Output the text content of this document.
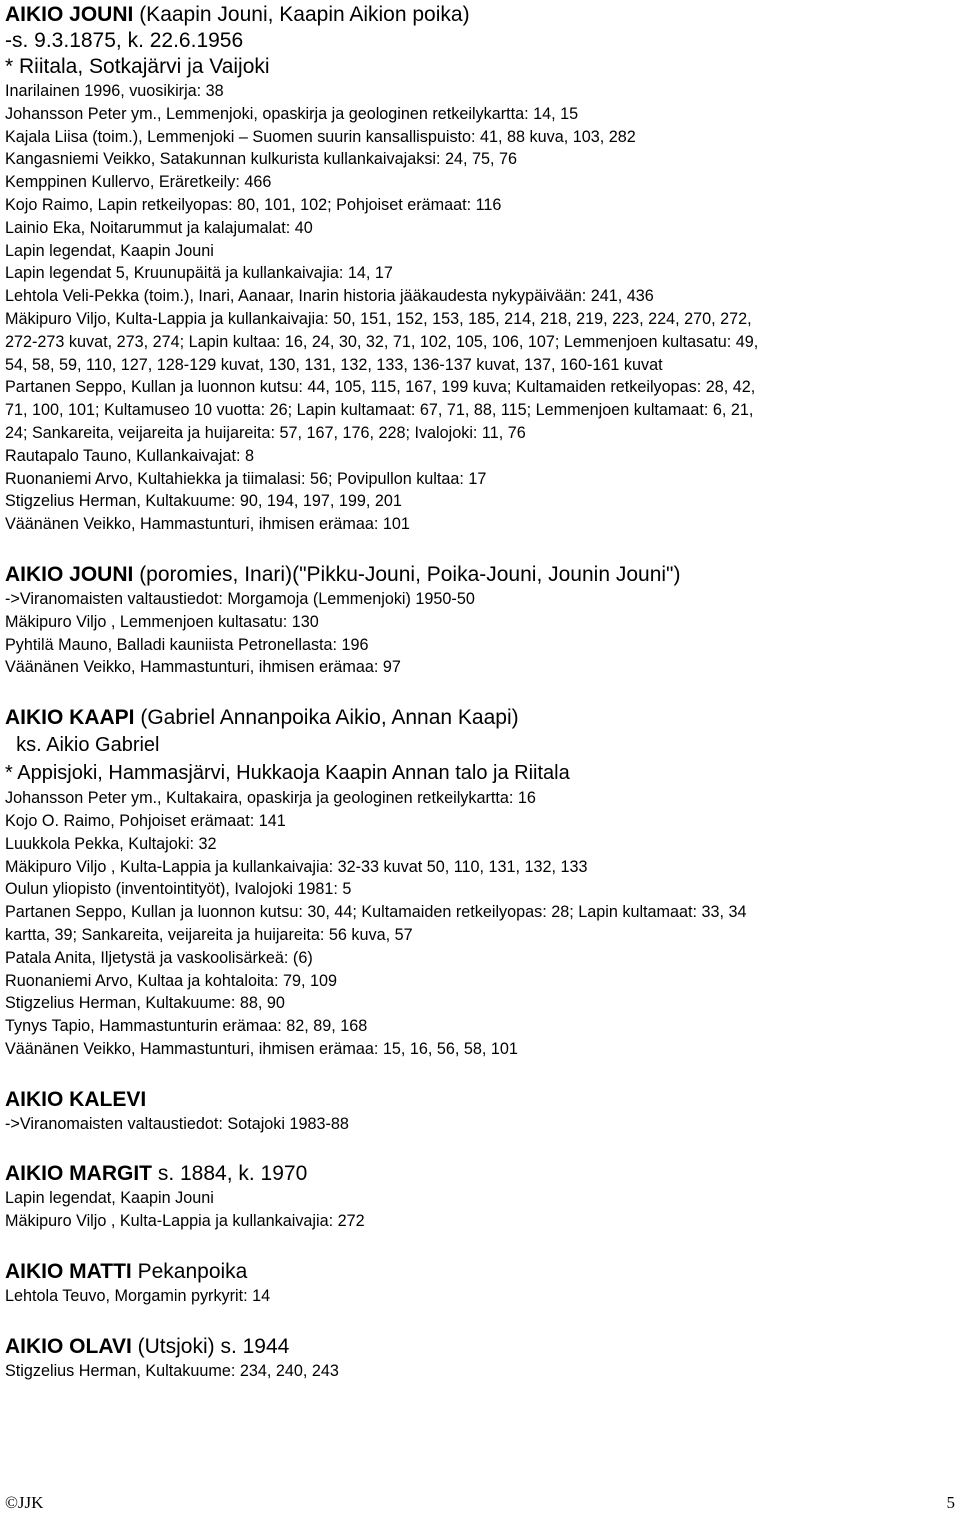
AIKIO JOUNI (Kaapin Jouni, Kaapin Aikion poika)
-s. 9.3.1875, k. 22.6.1956
* Riitala, Sotkajärvi ja Vaijoki
Inarilainen 1996, vuosikirja: 38
Johansson Peter ym., Lemmenjoki, opaskirja ja geologinen retkeilykartta: 14, 15
Kajala Liisa (toim.), Lemmenjoki – Suomen suurin kansallispuisto: 41, 88 kuva, 103, 282
Kangasniemi Veikko, Satakunnan kulkurista kullankaivajaksi: 24, 75, 76
Kemppinen Kullervo, Eräretkeily: 466
Kojo Raimo, Lapin retkeilyopas: 80, 101, 102; Pohjoiset erämaat: 116
Lainio Eka, Noitarummut ja kalajumalat: 40
Lapin legendat, Kaapin Jouni
Lapin legendat 5, Kruunupäitä ja kullankaivajia: 14, 17
Lehtola Veli-Pekka (toim.), Inari, Aanaar, Inarin historia jääkaudesta nykypäivään: 241, 436
Mäkipuro Viljo, Kulta-Lappia ja kullankaivajia: 50, 151, 152, 153, 185, 214, 218, 219, 223, 224, 270, 272,
272-273 kuvat, 273, 274; Lapin kultaa: 16, 24, 30, 32, 71, 102, 105, 106, 107; Lemmenjoen kultasatu: 49,
54, 58, 59, 110, 127, 128-129 kuvat, 130, 131, 132, 133, 136-137 kuvat, 137, 160-161 kuvat
Partanen Seppo, Kullan ja luonnon kutsu: 44, 105, 115, 167, 199 kuva; Kultamaiden retkeilyopas: 28, 42,
71, 100, 101; Kultamuseo 10 vuotta: 26; Lapin kultamaat: 67, 71, 88, 115; Lemmenjoen kultamaat: 6, 21,
24; Sankareita, veijareita ja huijareita: 57, 167, 176, 228; Ivalojoki: 11, 76
Rautapalo Tauno, Kullankaivajat: 8
Ruonaniemi Arvo, Kultahiekka ja tiimalasi: 56; Povipullon kultaa: 17
Stigzelius Herman, Kultakuume: 90, 194, 197, 199, 201
Väänänen Veikko, Hammastunturi, ihmisen erämaa: 101
AIKIO JOUNI (poromies, Inari)("Pikku-Jouni, Poika-Jouni, Jounin Jouni")
->Viranomaisten valtaustiedot: Morgamoja (Lemmenjoki) 1950-50
Mäkipuro Viljo , Lemmenjoen kultasatu: 130
Pyhtilä Mauno, Balladi kauniista Petronellasta: 196
Väänänen Veikko, Hammastunturi, ihmisen erämaa: 97
AIKIO KAAPI (Gabriel Annanpoika Aikio, Annan Kaapi)
ks. Aikio Gabriel
* Appisjoki, Hammasjärvi, Hukkaoja Kaapin Annan talo ja Riitala
Johansson Peter ym., Kultakaira, opaskirja ja geologinen retkeilykartta: 16
Kojo O. Raimo, Pohjoiset erämaat: 141
Luukkola Pekka, Kultajoki: 32
Mäkipuro Viljo , Kulta-Lappia ja kullankaivajia: 32-33 kuvat 50, 110, 131, 132, 133
Oulun yliopisto (inventointityöt), Ivalojoki 1981: 5
Partanen Seppo, Kullan ja luonnon kutsu: 30, 44; Kultamaiden retkeilyopas: 28; Lapin kultamaat: 33, 34
kartta, 39; Sankareita, veijareita ja huijareita: 56 kuva, 57
Patala Anita, Iljetystä ja vaskoolisärkeä: (6)
Ruonaniemi Arvo, Kultaa ja kohtaloita: 79, 109
Stigzelius Herman, Kultakuume: 88, 90
Tynys Tapio, Hammastunturin erämaa: 82, 89, 168
Väänänen Veikko, Hammastunturi, ihmisen erämaa: 15, 16, 56, 58, 101
AIKIO KALEVI
->Viranomaisten valtaustiedot: Sotajoki 1983-88
AIKIO MARGIT s. 1884, k. 1970
Lapin legendat, Kaapin Jouni
Mäkipuro Viljo , Kulta-Lappia ja kullankaivajia: 272
AIKIO MATTI Pekanpoika
Lehtola Teuvo, Morgamin pyrkyrit: 14
AIKIO OLAVI (Utsjoki) s. 1944
Stigzelius Herman, Kultakuume: 234, 240, 243
©JJK	5
